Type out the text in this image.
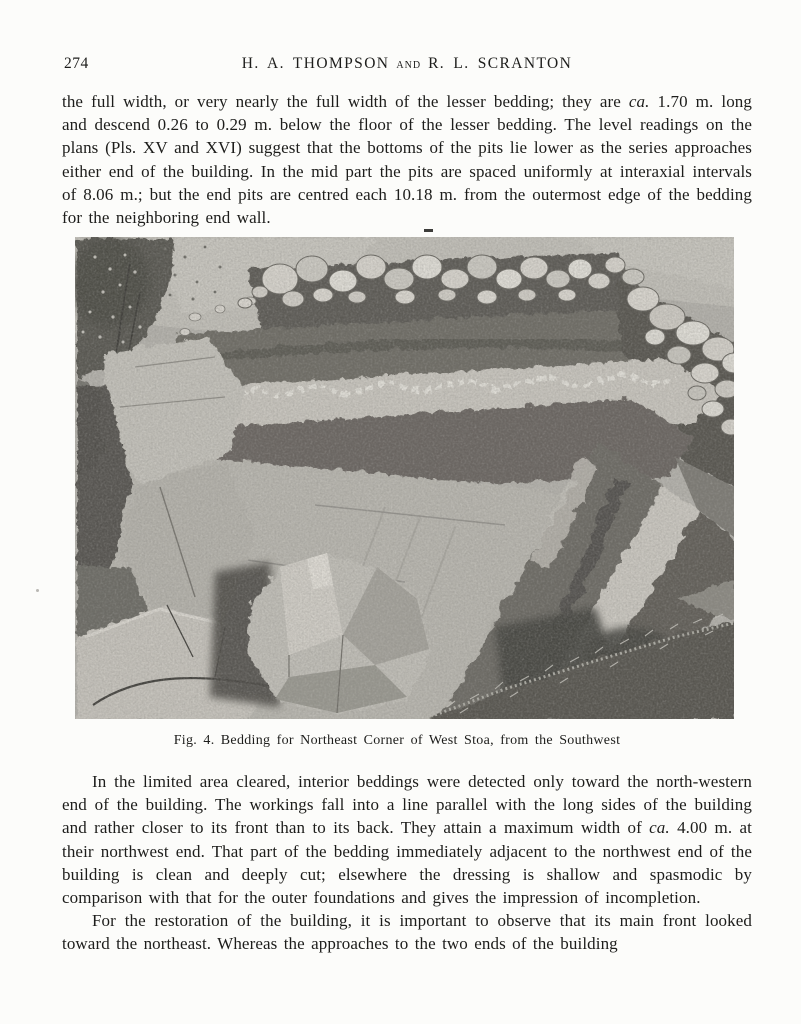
274	H. A. THOMPSON and R. L. SCRANTON

the full width, or very nearly the full width of the lesser bedding; they are ca. 1.70 m. long and descend 0.26 to 0.29 m. below the floor of the lesser bedding. The level readings on the plans (Pls. XV and XVI) suggest that the bottoms of the pits lie lower as the series approaches either end of the building. In the mid part the pits are spaced uniformly at interaxial intervals of 8.06 m.; but the end pits are centred each 10.18 m. from the outermost edge of the bedding for the neighboring end wall.

Fig. 4. Bedding for Northeast Corner of West Stoa, from the Southwest

In the limited area cleared, interior beddings were detected only toward the north-western end of the building. The workings fall into a line parallel with the long sides of the building and rather closer to its front than to its back. They attain a maximum width of ca. 4.00 m. at their northwest end. That part of the bedding immediately adjacent to the northwest end of the building is clean and deeply cut; elsewhere the dressing is shallow and spasmodic by comparison with that for the outer foundations and gives the impression of incompletion.

For the restoration of the building, it is important to observe that its main front looked toward the northeast. Whereas the approaches to the two ends of the building
